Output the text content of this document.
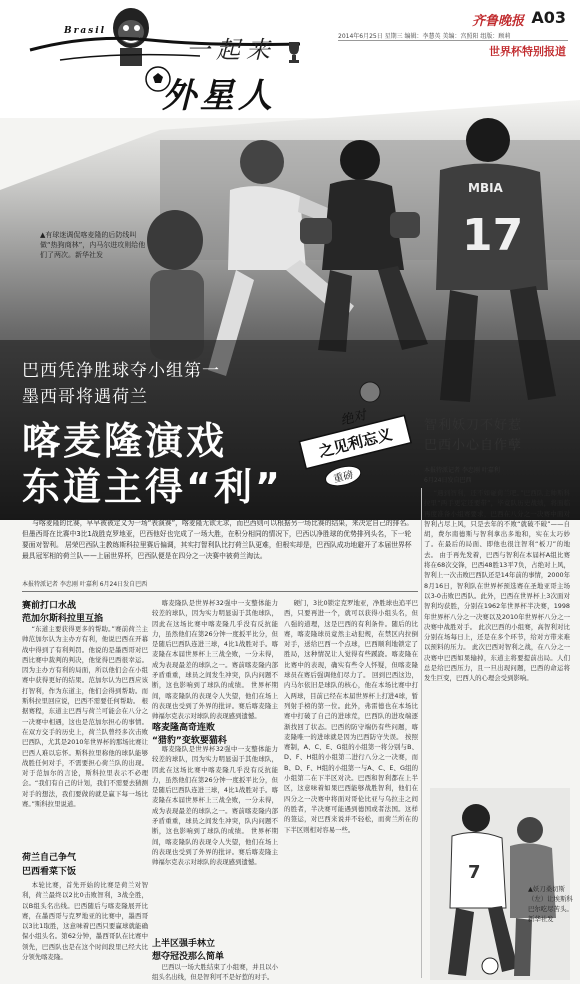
Brasil
一起来
外星人
齐鲁晚报 A03
2014年6月25日 星期三 编辑：李慧英 美编：宫照阳 组版：顾莉
世界杯特别报道
MBIA
17
▲有球迷调侃喀麦隆的后防线叫做“热狗商林”，内马尔进攻则给他们了两次。新华社发
巴西凭净胜球夺小组第一
墨西哥将遇荷兰
喀麦隆演戏
东道主得“利”
之见利忘义
绝对
重磅
智利妖刀不好惹
巴西小心自作孽
本报特派记者 李忠刚 叶嘉利
6月24日发自巴西
“遇到智利，还不如碰荷兰吧。”巴西队主帅斯科拉里“两手更定还要带”，毕竟队历史战绩，将面临再度准备小组赛要求，巴西在八分之一决赛中面对智利占尽上风，只是去年的不败“就破不破”——自胡，费尔南德斯与智利拿出多地和，实在太巧妙了。在最后的局面、即他也很注智利“板刀”的地去。 由于再先发着，巴西与智利在本届杯A组比赛将在68次交锋，巴西48胜13平7负，占绝对上风，智利上一次击败巴西队还是14年前的事情，2000年8月16日，智利队在世界杯预选赛在圣地亚哥主场以3-0击败巴西队。此外，巴西在世界杯上3次面对智利均获胜，分别在1962年世界杯半决赛，1998年世界杯八分之一决赛以及2010年世界杯八分之一决赛中战胜对手。 此次巴西的小组赛，高智利对比分别在场每日上，还是在多个环节，给对方带来难以预料的压力。 此次巴西对智利之战，在八分之一决赛中巴西如果输掉，东道主将要提前出局。人们总是给巴西压力，且一旦出现问题，巴西的命运将发生巨变，巴西人的心理会受到影响。
与喀麦隆的比赛，早早被被定义为一场“表演赛”，喀麦隆无欲无求，而巴西则可以根据另一场比赛的结果，来决定自己的排名。但墨西哥在比赛中3比1战胜克罗地亚，巴西他好也完成了一场大胜，在积分相同的情况下，巴西以净胜球的优势排列头名，下一轮要面对智利。 居荣巴西队主教练斯科拉里赛后偏调，其实打智利队比打荷兰队更难，但根实却是，巴西队成功地避开了本届世界杯最具冠军相的荷兰队——上届世界杯，巴西队便是在四分之一决赛中被荷兰淘汰。
本报特派记者 李忠刚 叶嘉利 6月24日发自巴西
赛前打口水战
范加尔斯科拉里互掐
“东道主要获得更多的帮助。”赛前荷兰主帅范加尔认为主办方有利，他说巴西在开幕战中得到了有利判罚。他说的是墨西哥对巴西比赛中裁判的判决，他觉得巴西很幸运。因为主办方有利的局面，所以他们会在小组赛中获得更好的结果。范加尔认为巴西应该打智利，作为东道主，他们会得到帮助。而斯科拉里回应说，巴西不需要任何帮助。 根据赛程，东道主巴西与荷兰可能会在八分之一决赛中相遇，这也是范加尔担心的事情。在双方交手的历史上，荷兰队曾经多次击败巴西队，尤其是2010年世界杯的那场比赛让巴西人难以忘怀。斯科拉里称他的球队能够战胜任何对手，不需要担心荷兰队的出现。 对于范加尔的言论，斯科拉里表示不必理会。“我们有自己的计划，我们不需要去猜测对手的想法，我们要做的就是赢下每一场比赛。”斯科拉里说道。
荷兰自己争气
巴西看菜下饭
本轮比赛，首先开始的比赛是荷兰对智利，荷兰最终以2比0击败智利，3战全胜，以B组头名出线。巴西随后与喀麦隆展开比赛，在墨西哥与克罗地亚的比赛中，墨西哥以3比1取胜，这意味着巴西只要赢球就能确保小组头名。第62分钟，墨西哥队在比赛中领先，巴西队也是在这个时间段里已经大比分领先喀麦隆。
喀麦隆队是世界杯32强中一支整体能力较差的球队，因为实力明显弱于其他球队，因此在这场比赛中喀麦隆几乎没有反抗能力，虽然他们在第26分钟一度扳平比分，但是随后巴西队连进三球，4比1战胜对手。喀麦隆在本届世界杯上三战全败，一分未得，成为表现最差的球队之一。赛前喀麦隆内部矛盾重重，球员之间发生冲突，队内问题不断，这也影响到了球队的成绩。 世界杯期间，喀麦隆队的表现令人失望，他们在场上的表现也受到了外界的批评。赛后喀麦隆主帅福尔克表示对球队的表现感到遗憾。
喀麦隆高奇连败
“猎豹”变软要猫科
喀麦隆队是世界杯32强中一支整体能力较差的球队，因为实力明显弱于其他球队，因此在这场比赛中喀麦隆几乎没有反抗能力，虽然他们在第26分钟一度扳平比分，但是随后巴西队连进三球，4比1战胜对手。喀麦隆在本届世界杯上三战全败，一分未得，成为表现最差的球队之一。赛前喀麦隆内部矛盾重重，球员之间发生冲突，队内问题不断，这也影响到了球队的成绩。 世界杯期间，喀麦隆队的表现令人失望，他们在场上的表现也受到了外界的批评。赛后喀麦隆主帅福尔克表示对球队的表现感到遗憾。
上半区强手林立
想夺冠没那么简单
巴西以一场大胜结束了小组赛，并且以小组头名出线，但是智利可不是好惹的对手。
硬门，3比0锁定克罗地亚，净胜球也追平巴西，只要再进一个，就可以获得小组头名，但八强的道理，这是巴西的有利条件。随后的比赛，喀麦隆球员竟然主动犯规，在禁区内拉倒对手，送给巴西一个点球，巴西顺利地锁定了胜局，这种情况让人觉得有些蹊跷。喀麦隆在比赛中的表现，确实有些令人怀疑，但喀麦隆球员在赛后强调他们尽力了。 回到巴西这边，内马尔依旧是球队的核心，他在本场比赛中打入两球，目前已经在本届世界杯上打进4球，暂列射手榜的第一位。此外，弗雷德也在本场比赛中打破了自己的进球荒，巴西队的进攻端逐渐找回了状态。巴西的防守端仍有些问题，喀麦隆唯一的进球就是因为巴西防守失误。 按照赛制，A、C、E、G组的小组第一将分别与B、D、F、H组的小组第二进行八分之一决赛，而B、D、F、H组的小组第一与A、C、E、G组的小组第二在下半区对决。巴西和智利都在上半区，这意味着如果巴西能够战胜智利，他们在四分之一决赛中将面对哥伦比亚与乌拉圭之间的胜者，半决赛可能遇到德国或者法国。这样的签运，对巴西来说并不轻松，而荷兰所在的下半区则相对容易一些。
7
▲妖刀桑切斯（左）让埃斯科巴尔吃尽苦头。新华社发
